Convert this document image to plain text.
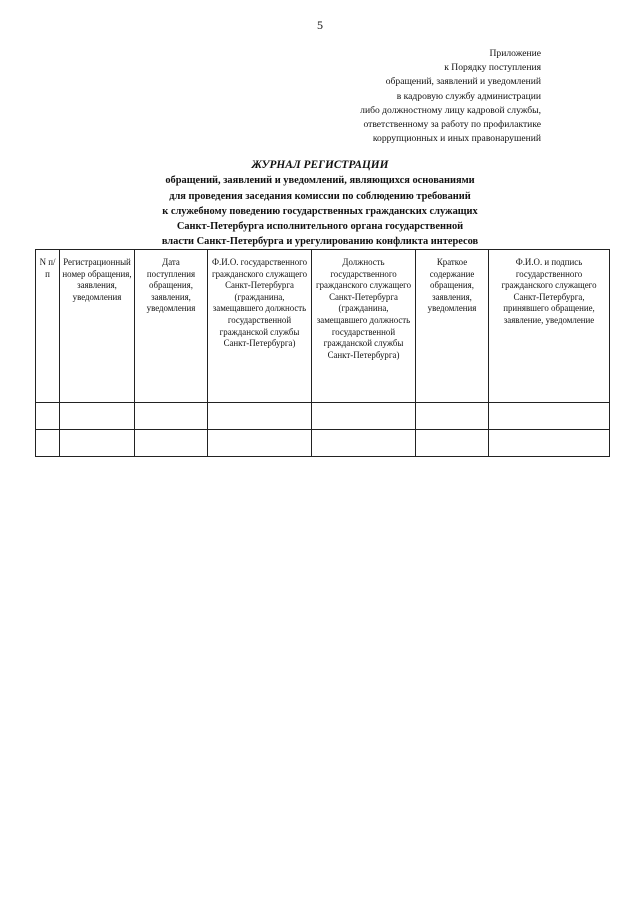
5
Приложение
к Порядку поступления
обращений, заявлений и уведомлений
в кадровую службу администрации
либо должностному лицу кадровой службы,
ответственному за работу по профилактике
коррупционных и иных правонарушений
ЖУРНАЛ РЕГИСТРАЦИИ
обращений, заявлений и уведомлений, являющихся основаниями
для проведения заседания комиссии по соблюдению требований
к служебному поведению государственных гражданских служащих
Санкт-Петербурга исполнительного органа государственной
власти Санкт-Петербурга и урегулированию конфликта интересов
N п/п	Регистрационный номер обращения, заявления, уведомления	Дата поступления обращения, заявления, уведомления	Ф.И.О. государственного гражданского служащего Санкт-Петербурга (гражданина, замещавшего должность государственной гражданской службы Санкт-Петербурга)	Должность государственного гражданского служащего Санкт-Петербурга (гражданина, замещавшего должность государственной гражданской службы Санкт-Петербурга)	Краткое содержание обращения, заявления, уведомления	Ф.И.О. и подпись государственного гражданского служащего Санкт-Петербурга, принявшего обращение, заявление, уведомление
